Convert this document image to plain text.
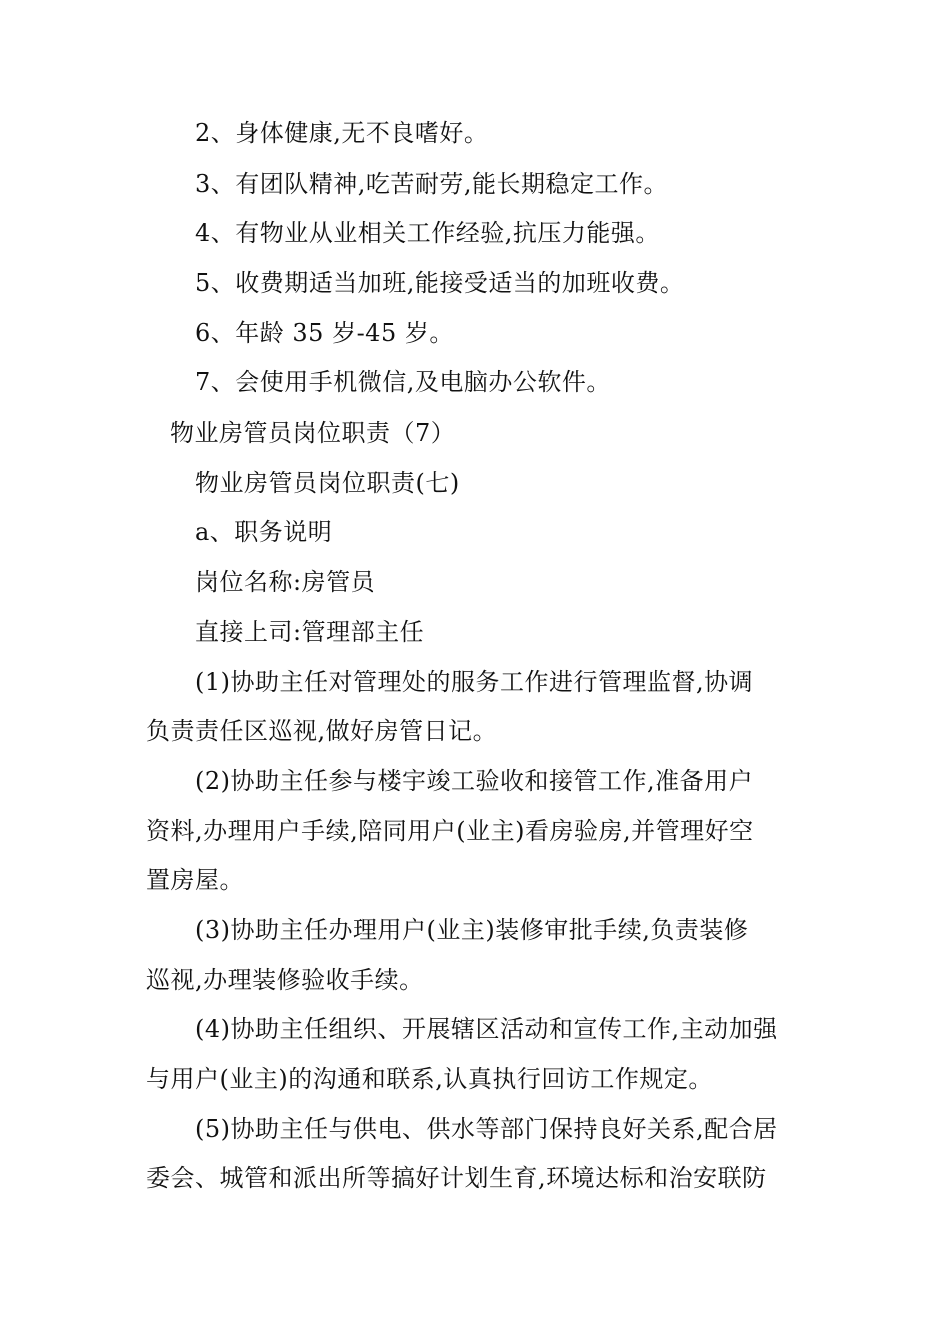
2、身体健康,无不良嗜好。
3、有团队精神,吃苦耐劳,能长期稳定工作。
4、有物业从业相关工作经验,抗压力能强。
5、收费期适当加班,能接受适当的加班收费。
6、年龄 35 岁-45 岁。
7、会使用手机微信,及电脑办公软件。
物业房管员岗位职责（7）
物业房管员岗位职责(七)
a、职务说明
岗位名称:房管员
直接上司:管理部主任
(1)协助主任对管理处的服务工作进行管理监督,协调
负责责任区巡视,做好房管日记。
(2)协助主任参与楼宇竣工验收和接管工作,准备用户
资料,办理用户手续,陪同用户(业主)看房验房,并管理好空
置房屋。
(3)协助主任办理用户(业主)装修审批手续,负责装修
巡视,办理装修验收手续。
(4)协助主任组织、开展辖区活动和宣传工作,主动加强
与用户(业主)的沟通和联系,认真执行回访工作规定。
(5)协助主任与供电、供水等部门保持良好关系,配合居
委会、城管和派出所等搞好计划生育,环境达标和治安联防
